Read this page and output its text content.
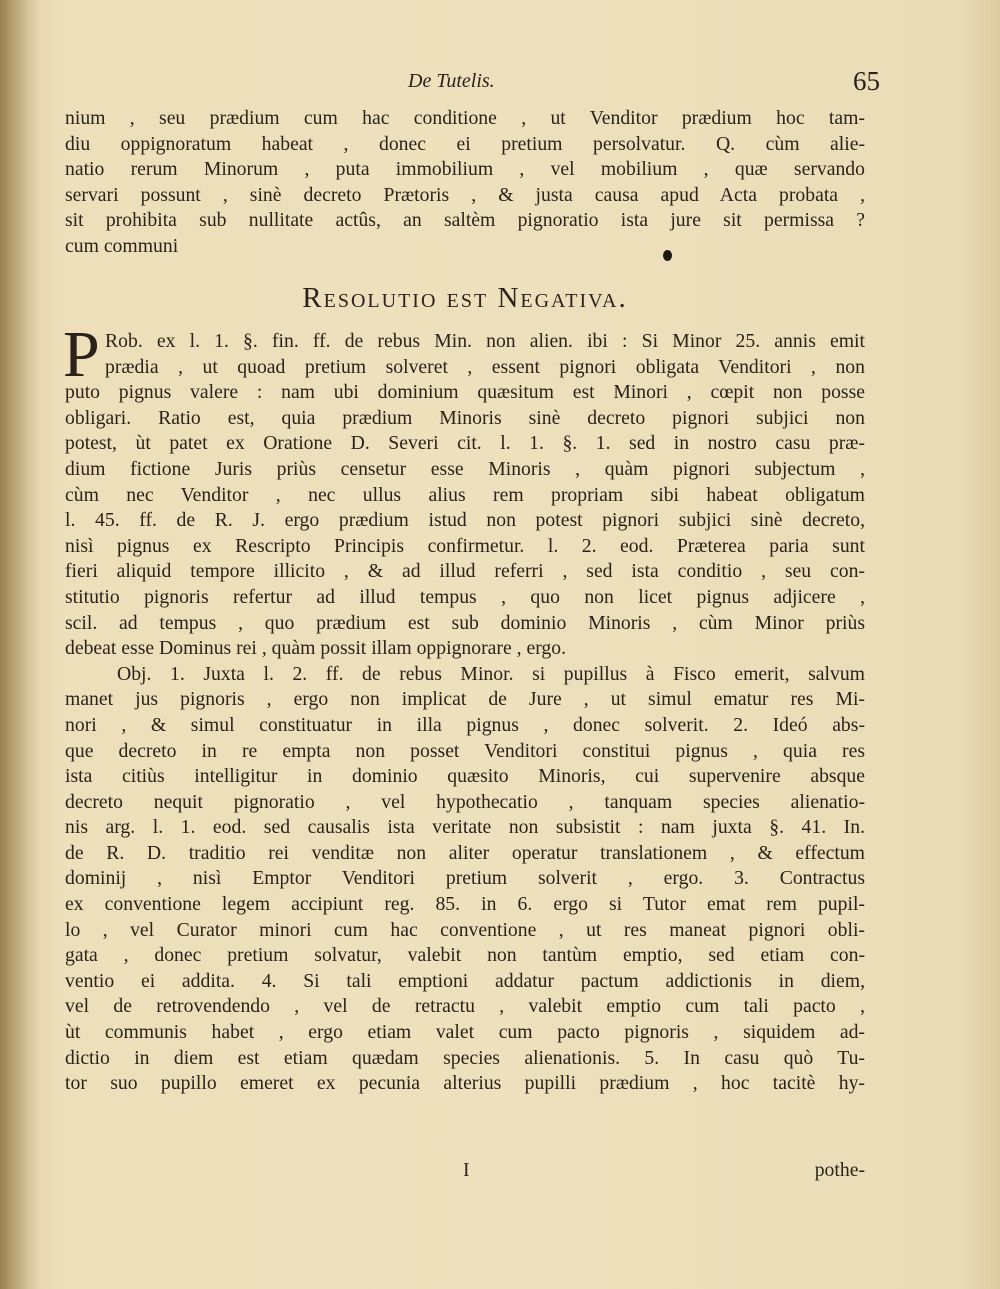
De Tutelis.	65
nium , seu prædium cum hac conditione , ut Venditor prædium hoc tam-
diu oppignoratum habeat , donec ei pretium persolvatur. Q. cùm alie-
natio rerum Minorum , puta immobilium , vel mobilium , quæ servando
servari possunt , sinè decreto Prætoris , & justa causa apud Acta probata ,
sit prohibita sub nullitate actûs, an saltèm pignoratio ista jure sit permissa ?
cum communi
Resolutio est Negativa.
P Rob. ex l. 1. §. fin. ff. de rebus Min. non alien. ibi : Si Minor 25. annis emit
prædia , ut quoad pretium solveret , essent pignori obligata Venditori , non
puto pignus valere : nam ubi dominium quæsitum est Minori , cœpit non posse
obligari. Ratio est, quia prædium Minoris sinè decreto pignori subjici non
potest, ùt patet ex Oratione D. Severi cit. l. 1. §. 1. sed in nostro casu præ-
dium fictione Juris priùs censetur esse Minoris , quàm pignori subjectum ,
cùm nec Venditor , nec ullus alius rem propriam sibi habeat obligatum
l. 45. ff. de R. J. ergo prædium istud non potest pignori subjici sinè decreto,
nisì pignus ex Rescripto Principis confirmetur. l. 2. eod. Præterea paria sunt
fieri aliquid tempore illicito , & ad illud referri , sed ista conditio , seu con-
stitutio pignoris refertur ad illud tempus , quo non licet pignus adjicere ,
scil. ad tempus , quo prædium est sub dominio Minoris , cùm Minor priùs
debeat esse Dominus rei , quàm possit illam oppignorare , ergo.
Obj. 1. Juxta l. 2. ff. de rebus Minor. si pupillus à Fisco emerit, salvum
manet jus pignoris , ergo non implicat de Jure , ut simul ematur res Mi-
nori , & simul constituatur in illa pignus , donec solverit. 2. Ideó abs-
que decreto in re empta non posset Venditori constitui pignus , quia res
ista citiùs intelligitur in dominio quæsito Minoris, cui supervenire absque
decreto nequit pignoratio , vel hypothecatio , tanquam species alienatio-
nis arg. l. 1. eod. sed causalis ista veritate non subsistit : nam juxta §. 41. In.
de R. D. traditio rei venditæ non aliter operatur translationem , & effectum
dominij , nisì Emptor Venditori pretium solverit , ergo. 3. Contractus
ex conventione legem accipiunt reg. 85. in 6. ergo si Tutor emat rem pupil-
lo , vel Curator minori cum hac conventione , ut res maneat pignori obli-
gata , donec pretium solvatur, valebit non tantùm emptio, sed etiam con-
ventio ei addita. 4. Si tali emptioni addatur pactum addictionis in diem,
vel de retrovendendo , vel de retractu , valebit emptio cum tali pacto ,
ùt communis habet , ergo etiam valet cum pacto pignoris , siquidem ad-
dictio in diem est etiam quædam species alienationis. 5. In casu quò Tu-
tor suo pupillo emeret ex pecunia alterius pupilli prædium , hoc tacitè hy-
I	pothe-
